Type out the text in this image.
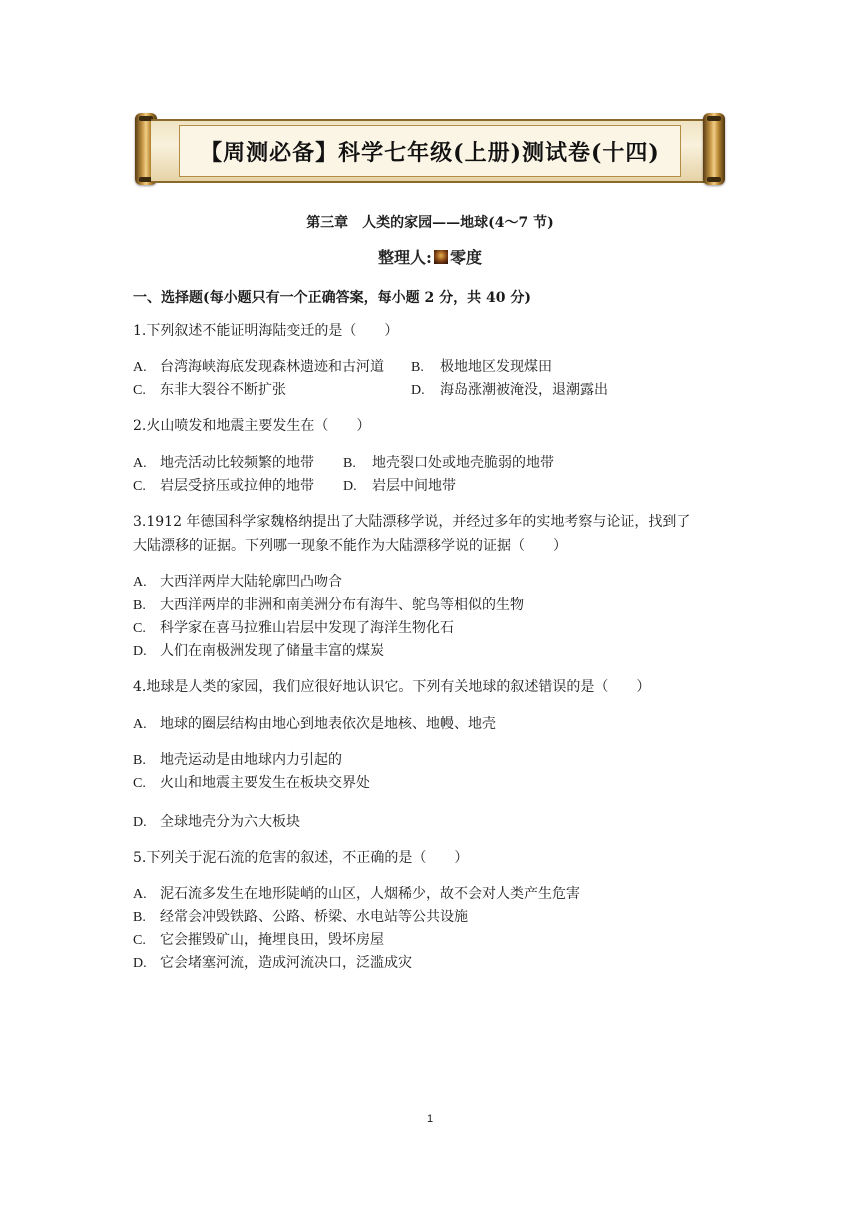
【周测必备】科学七年级(上册)测试卷(十四)
第三章　人类的家园——地球(4～7 节)
整理人: 零度
一、选择题(每小题只有一个正确答案，每小题 2 分，共 40 分)
1.下列叙述不能证明海陆变迁的是（　　）
A. 台湾海峡海底发现森林遗迹和古河道 B. 极地地区发现煤田
C. 东非大裂谷不断扩张	D. 海岛涨潮被淹没，退潮露出
2.火山喷发和地震主要发生在（　　）
A. 地壳活动比较频繁的地带 B. 地壳裂口处或地壳脆弱的地带
C. 岩层受挤压或拉伸的地带 D. 岩层中间地带
3.1912 年德国科学家魏格纳提出了大陆漂移学说，并经过多年的实地考察与论证，找到了
大陆漂移的证据。下列哪一现象不能作为大陆漂移学说的证据（　　）
A. 大西洋两岸大陆轮廓凹凸吻合
B. 大西洋两岸的非洲和南美洲分布有海牛、鸵鸟等相似的生物
C. 科学家在喜马拉雅山岩层中发现了海洋生物化石
D. 人们在南极洲发现了储量丰富的煤炭
4.地球是人类的家园，我们应很好地认识它。下列有关地球的叙述错误的是（　　）
A. 地球的圈层结构由地心到地表依次是地核、地幔、地壳
B. 地壳运动是由地球内力引起的
C. 火山和地震主要发生在板块交界处
D. 全球地壳分为六大板块
5.下列关于泥石流的危害的叙述，不正确的是（　　）
A. 泥石流多发生在地形陡峭的山区，人烟稀少，故不会对人类产生危害
B. 经常会冲毁铁路、公路、桥梁、水电站等公共设施
C. 它会摧毁矿山，掩埋良田，毁坏房屋
D. 它会堵塞河流，造成河流决口，泛滥成灾
1
